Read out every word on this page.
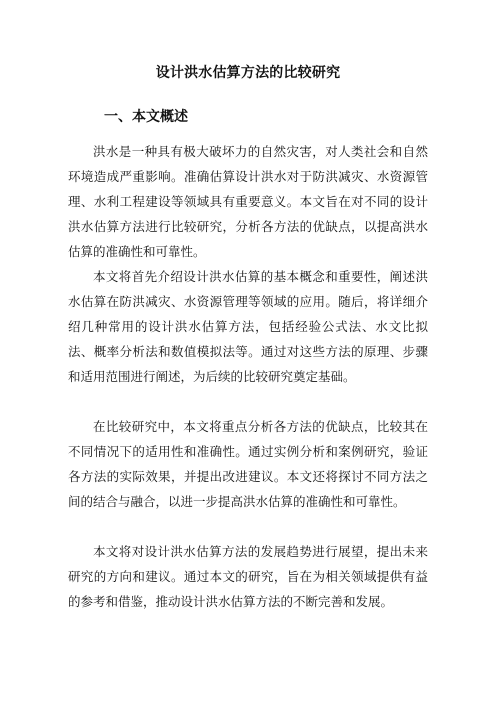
设计洪水估算方法的比较研究
一、本文概述

洪水是一种具有极大破坏力的自然灾害，对人类社会和自然环境造成严重影响。准确估算设计洪水对于防洪减灾、水资源管理、水利工程建设等领域具有重要意义。本文旨在对不同的设计洪水估算方法进行比较研究，分析各方法的优缺点，以提高洪水估算的准确性和可靠性。

本文将首先介绍设计洪水估算的基本概念和重要性，阐述洪水估算在防洪减灾、水资源管理等领域的应用。随后，将详细介绍几种常用的设计洪水估算方法，包括经验公式法、水文比拟法、概率分析法和数值模拟法等。通过对这些方法的原理、步骤和适用范围进行阐述，为后续的比较研究奠定基础。

在比较研究中，本文将重点分析各方法的优缺点，比较其在不同情况下的适用性和准确性。通过实例分析和案例研究，验证各方法的实际效果，并提出改进建议。本文还将探讨不同方法之间的结合与融合，以进一步提高洪水估算的准确性和可靠性。

本文将对设计洪水估算方法的发展趋势进行展望，提出未来研究的方向和建议。通过本文的研究，旨在为相关领域提供有益的参考和借鉴，推动设计洪水估算方法的不断完善和发展。
